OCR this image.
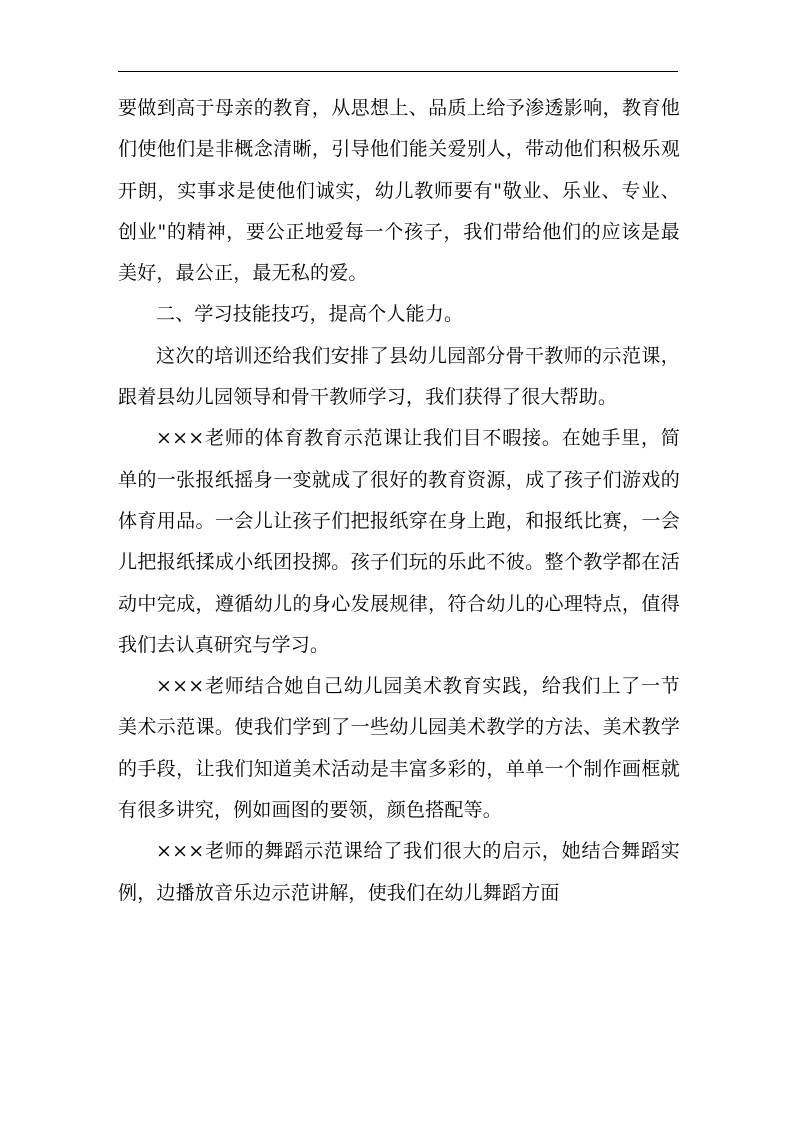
要做到高于母亲的教育，从思想上、品质上给予渗透影响，教育他们使他们是非概念清晰，引导他们能关爱别人，带动他们积极乐观开朗，实事求是使他们诚实，幼儿教师要有"敬业、乐业、专业、创业"的精神，要公正地爱每一个孩子，我们带给他们的应该是最美好，最公正，最无私的爱。

二、学习技能技巧，提高个人能力。

这次的培训还给我们安排了县幼儿园部分骨干教师的示范课，跟着县幼儿园领导和骨干教师学习，我们获得了很大帮助。

×××老师的体育教育示范课让我们目不暇接。在她手里，简单的一张报纸摇身一变就成了很好的教育资源，成了孩子们游戏的体育用品。一会儿让孩子们把报纸穿在身上跑，和报纸比赛，一会儿把报纸揉成小纸团投掷。孩子们玩的乐此不彼。整个教学都在活动中完成，遵循幼儿的身心发展规律，符合幼儿的心理特点，值得我们去认真研究与学习。

×××老师结合她自己幼儿园美术教育实践，给我们上了一节美术示范课。使我们学到了一些幼儿园美术教学的方法、美术教学的手段，让我们知道美术活动是丰富多彩的，单单一个制作画框就有很多讲究，例如画图的要领，颜色搭配等。

×××老师的舞蹈示范课给了我们很大的启示，她结合舞蹈实例，边播放音乐边示范讲解，使我们在幼儿舞蹈方面
